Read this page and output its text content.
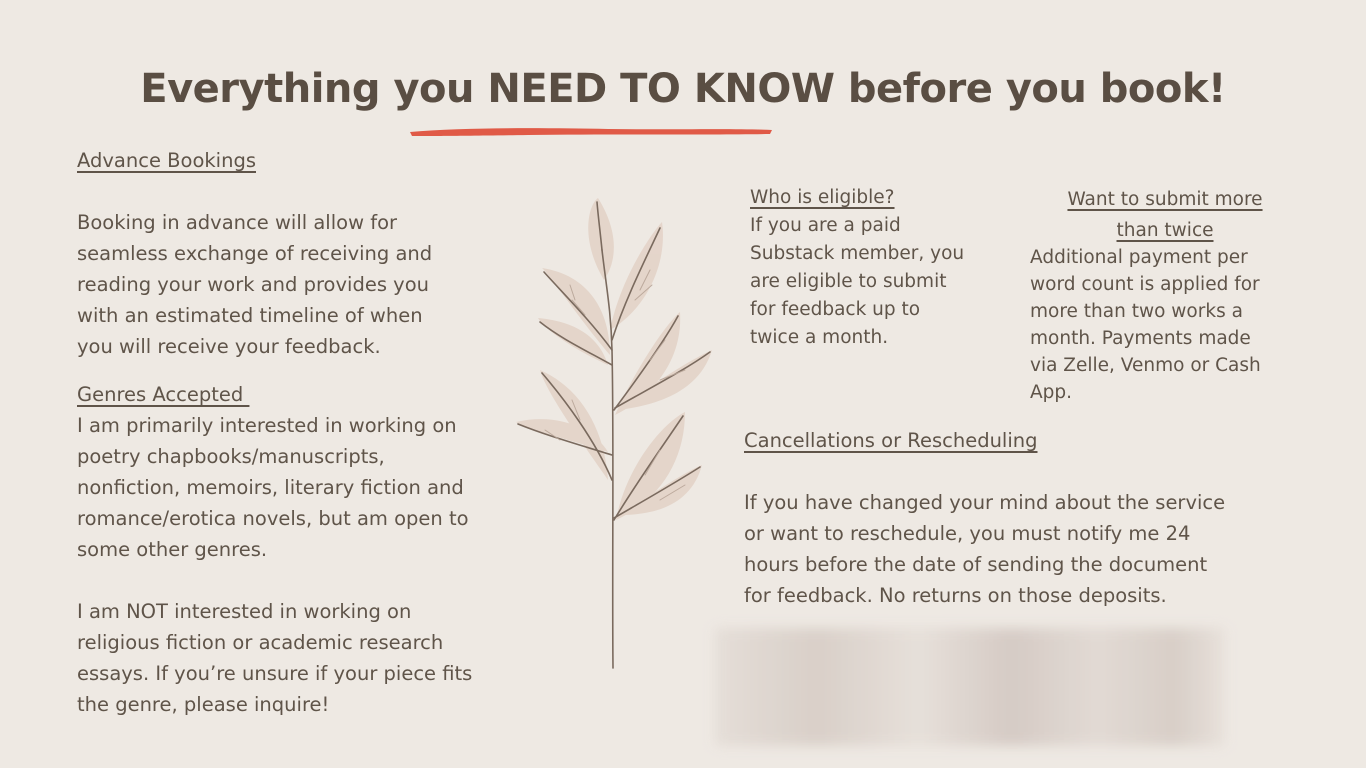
Everything you NEED TO KNOW before you book!
Advance Bookings
Booking in advance will allow for
seamless exchange of receiving and
reading your work and provides you
with an estimated timeline of when
you will receive your feedback.
Genres Accepted
I am primarily interested in working on
poetry chapbooks/manuscripts,
nonfiction, memoirs, literary fiction and
romance/erotica novels, but am open to
some other genres.

I am NOT interested in working on
religious fiction or academic research
essays. If you’re unsure if your piece fits
the genre, please inquire!
Who is eligible?
If you are a paid
Substack member, you
are eligible to submit
for feedback up to
twice a month.
Want to submit more
than twice
Additional payment per
word count is applied for
more than two works a
month. Payments made
via Zelle, Venmo or Cash
App.
Cancellations or Rescheduling
If you have changed your mind about the service
or want to reschedule, you must notify me 24
hours before the date of sending the document
for feedback. No returns on those deposits.
